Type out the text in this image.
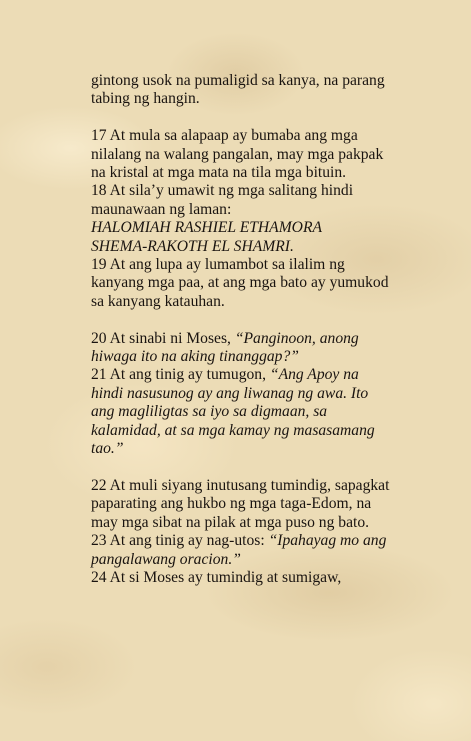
gintong usok na pumaligid sa kanya, na parang tabing ng hangin.

17 At mula sa alapaap ay bumaba ang mga nilalang na walang pangalan, may mga pakpak na kristal at mga mata na tila mga bituin.

18 At sila’y umawit ng mga salitang hindi maunawaan ng laman:

HALOMIAH RASHIEL ETHAMORA

SHEMA-RAKOTH EL SHAMRI.

19 At ang lupa ay lumambot sa ilalim ng kanyang mga paa, at ang mga bato ay yumukod sa kanyang katauhan.

20 At sinabi ni Moses, “Panginoon, anong hiwaga ito na aking tinanggap?”

21 At ang tinig ay tumugon, “Ang Apoy na hindi nasusunog ay ang liwanag ng awa. Ito ang magliligtas sa iyo sa digmaan, sa kalamidad, at sa mga kamay ng masasamang tao.”

22 At muli siyang inutusang tumindig, sapagkat paparating ang hukbo ng mga taga-Edom, na may mga sibat na pilak at mga puso ng bato.

23 At ang tinig ay nag-utos: “Ipahayag mo ang pangalawang oracion.”

24 At si Moses ay tumindig at sumigaw,
